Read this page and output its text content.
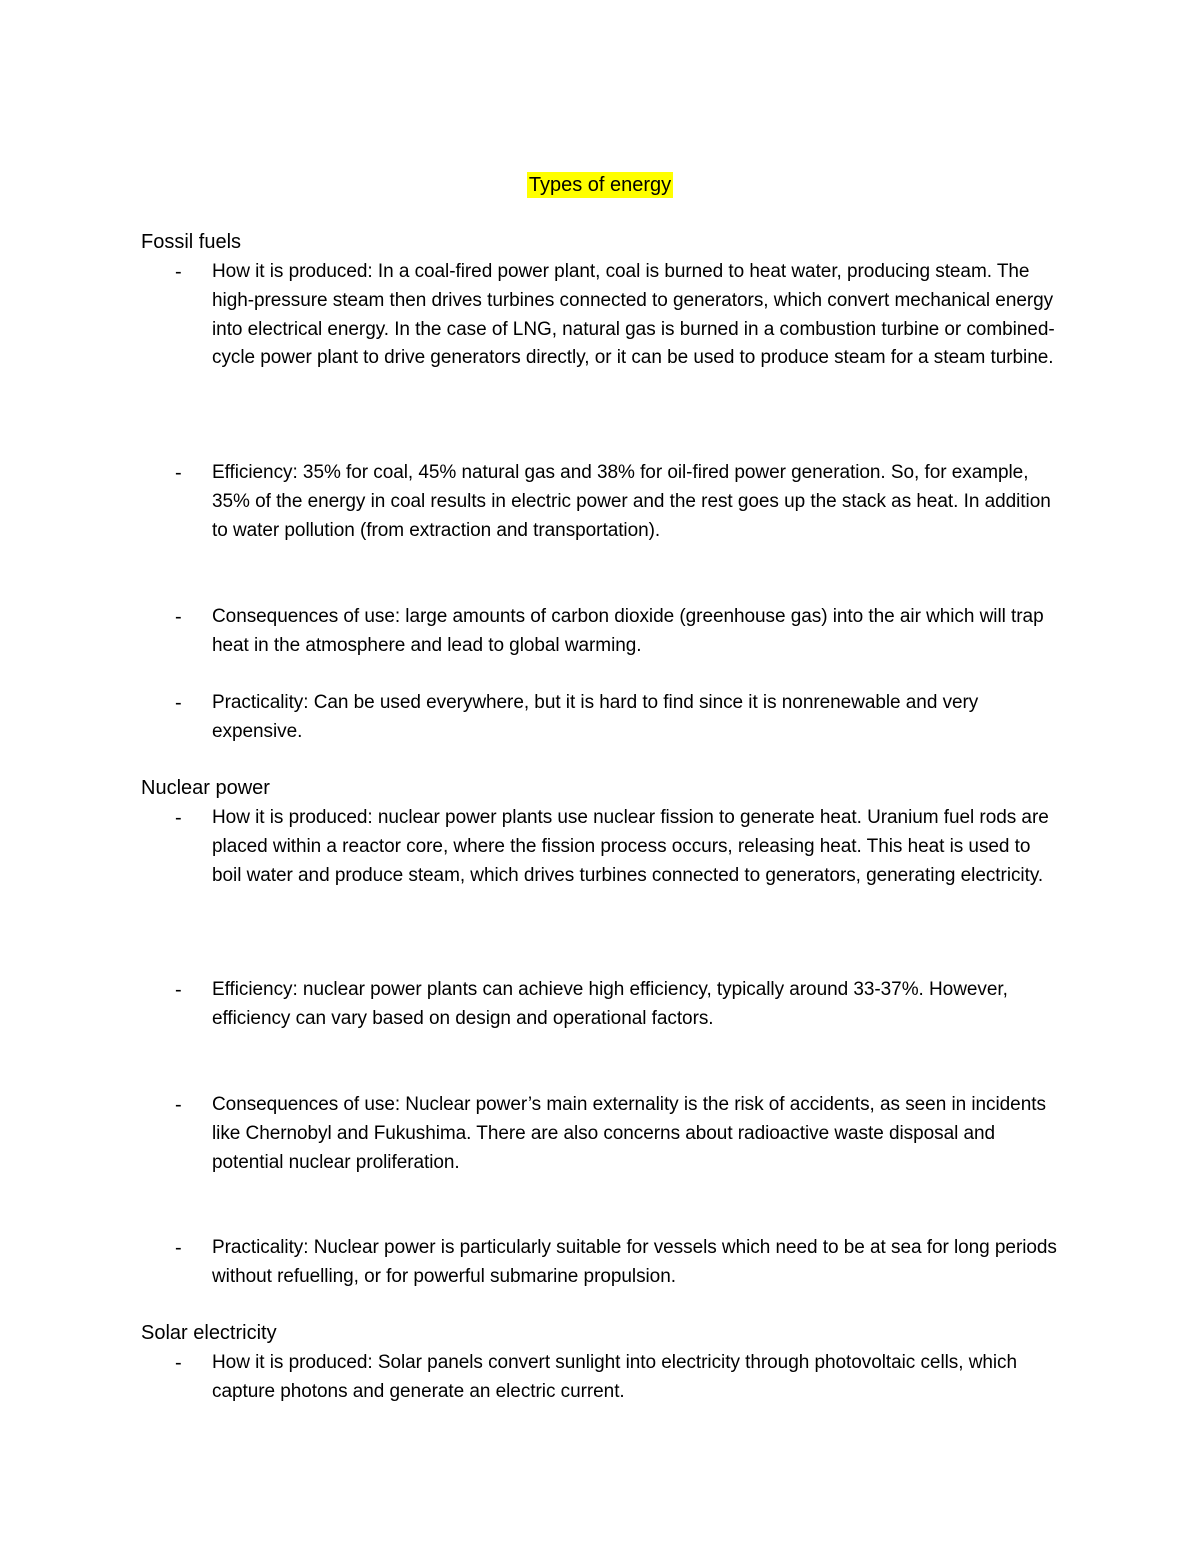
Types of energy
Fossil fuels
- How it is produced: In a coal-fired power plant, coal is burned to heat water, producing steam. The high-pressure steam then drives turbines connected to generators, which convert mechanical energy into electrical energy. In the case of LNG, natural gas is burned in a combustion turbine or combined-cycle power plant to drive generators directly, or it can be used to produce steam for a steam turbine.
- Efficiency: 35% for coal, 45% natural gas and 38% for oil-fired power generation. So, for example, 35% of the energy in coal results in electric power and the rest goes up the stack as heat. In addition to water pollution (from extraction and transportation).
- Consequences of use: large amounts of carbon dioxide (greenhouse gas) into the air which will trap heat in the atmosphere and lead to global warming.
- Practicality: Can be used everywhere, but it is hard to find since it is nonrenewable and very expensive.
Nuclear power
- How it is produced: nuclear power plants use nuclear fission to generate heat. Uranium fuel rods are placed within a reactor core, where the fission process occurs, releasing heat. This heat is used to boil water and produce steam, which drives turbines connected to generators, generating electricity.
- Efficiency: nuclear power plants can achieve high efficiency, typically around 33-37%. However, efficiency can vary based on design and operational factors.
- Consequences of use: Nuclear power’s main externality is the risk of accidents, as seen in incidents like Chernobyl and Fukushima. There are also concerns about radioactive waste disposal and potential nuclear proliferation.
- Practicality: Nuclear power is particularly suitable for vessels which need to be at sea for long periods without refuelling, or for powerful submarine propulsion.
Solar electricity
- How it is produced: Solar panels convert sunlight into electricity through photovoltaic cells, which capture photons and generate an electric current.
